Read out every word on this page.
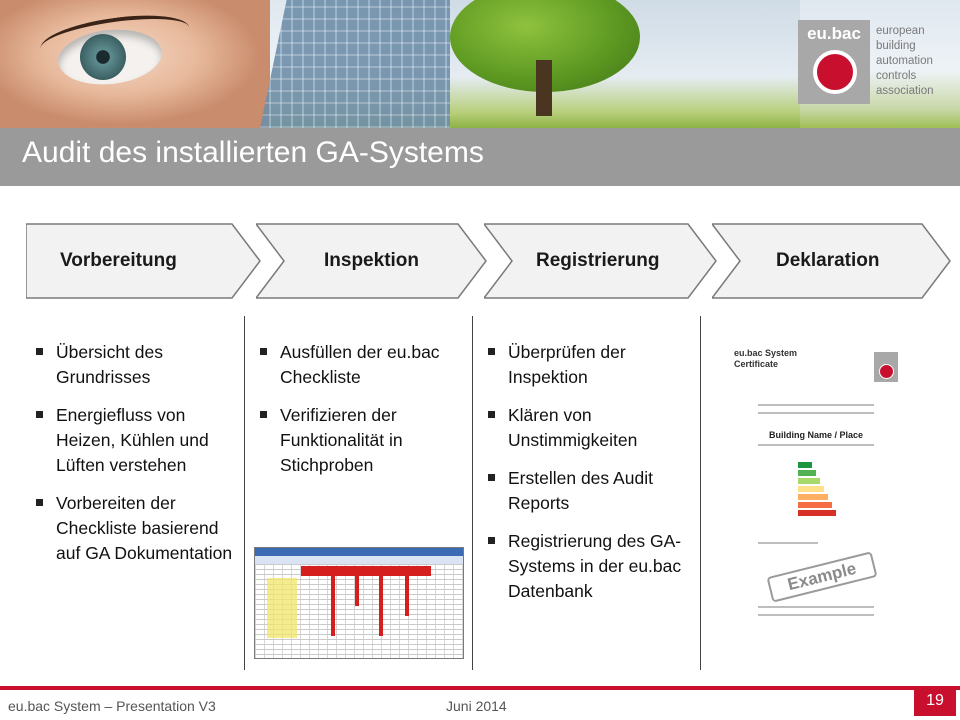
eu.bac	european
building
automation
controls
association
Audit des installierten GA-Systems
Vorbereitung	Inspektion	Registrierung	Deklaration
Übersicht des Grundrisses
Energiefluss von Heizen, Kühlen und Lüften verstehen
Vorbereiten der Checkliste basierend auf GA Dokumentation
Ausfüllen der eu.bac Checkliste
Verifizieren der Funktionalität in Stichproben
Überprüfen der Inspektion
Klären von Unstimmigkeiten
Erstellen des Audit Reports
Registrierung des GA-Systems in der eu.bac Datenbank
eu.bac System Certificate
Building Name / Place
Example
eu.bac System – Presentation V3	Juni 2014	19
